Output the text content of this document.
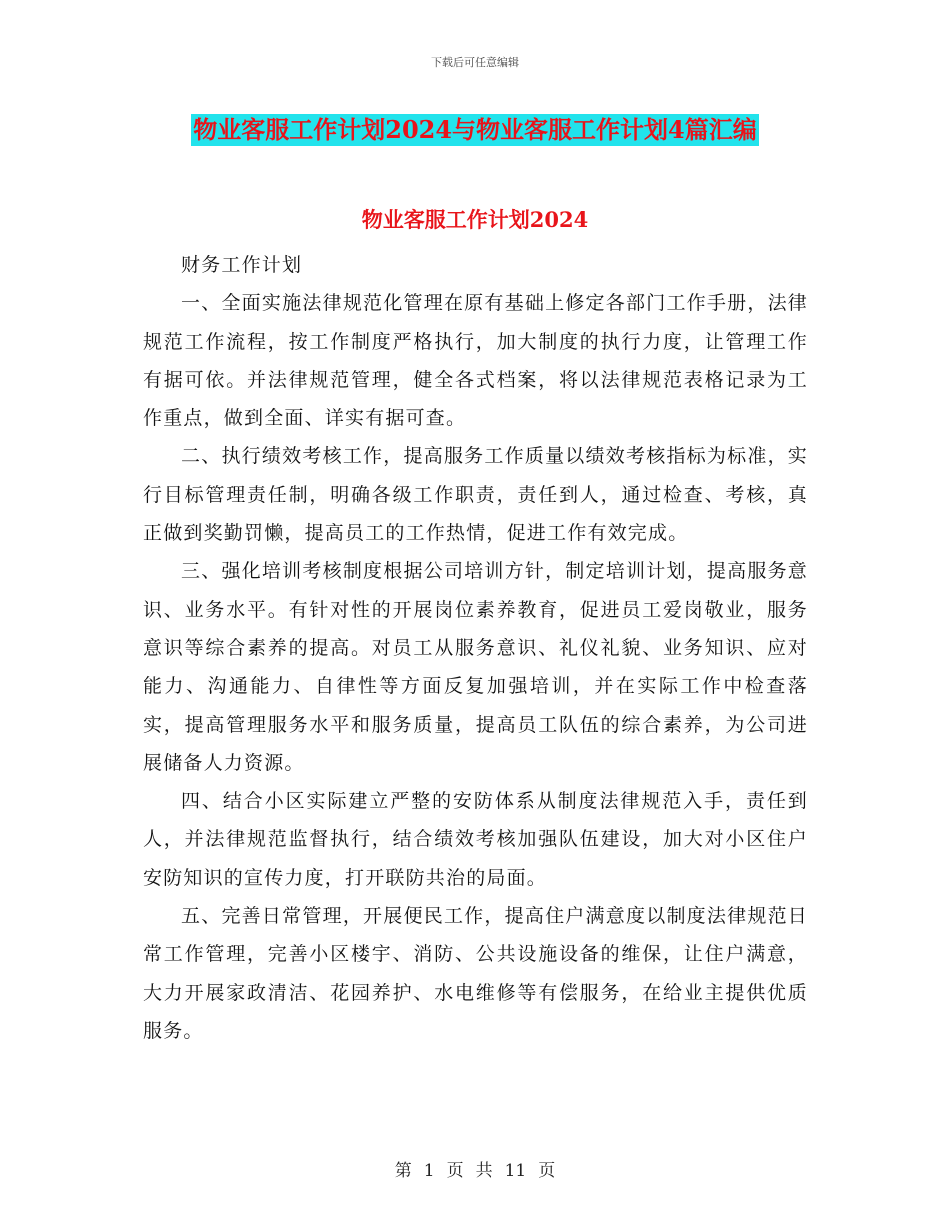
下载后可任意编辑
物业客服工作计划2024与物业客服工作计划4篇汇编
物业客服工作计划2024

财务工作计划

一、全面实施法律规范化管理在原有基础上修定各部门工作手册，法律规范工作流程，按工作制度严格执行，加大制度的执行力度，让管理工作有据可依。并法律规范管理，健全各式档案，将以法律规范表格记录为工作重点，做到全面、详实有据可查。

二、执行绩效考核工作，提高服务工作质量以绩效考核指标为标准，实行目标管理责任制，明确各级工作职责，责任到人，通过检查、考核，真正做到奖勤罚懒，提高员工的工作热情，促进工作有效完成。

三、强化培训考核制度根据公司培训方针，制定培训计划，提高服务意识、业务水平。有针对性的开展岗位素养教育，促进员工爱岗敬业，服务意识等综合素养的提高。对员工从服务意识、礼仪礼貌、业务知识、应对能力、沟通能力、自律性等方面反复加强培训，并在实际工作中检查落实，提高管理服务水平和服务质量，提高员工队伍的综合素养，为公司进展储备人力资源。

四、结合小区实际建立严整的安防体系从制度法律规范入手，责任到人，并法律规范监督执行，结合绩效考核加强队伍建设，加大对小区住户安防知识的宣传力度，打开联防共治的局面。

五、完善日常管理，开展便民工作，提高住户满意度以制度法律规范日常工作管理，完善小区楼宇、消防、公共设施设备的维保，让住户满意，大力开展家政清洁、花园养护、水电维修等有偿服务，在给业主提供优质服务。

第 1 页 共 11 页
